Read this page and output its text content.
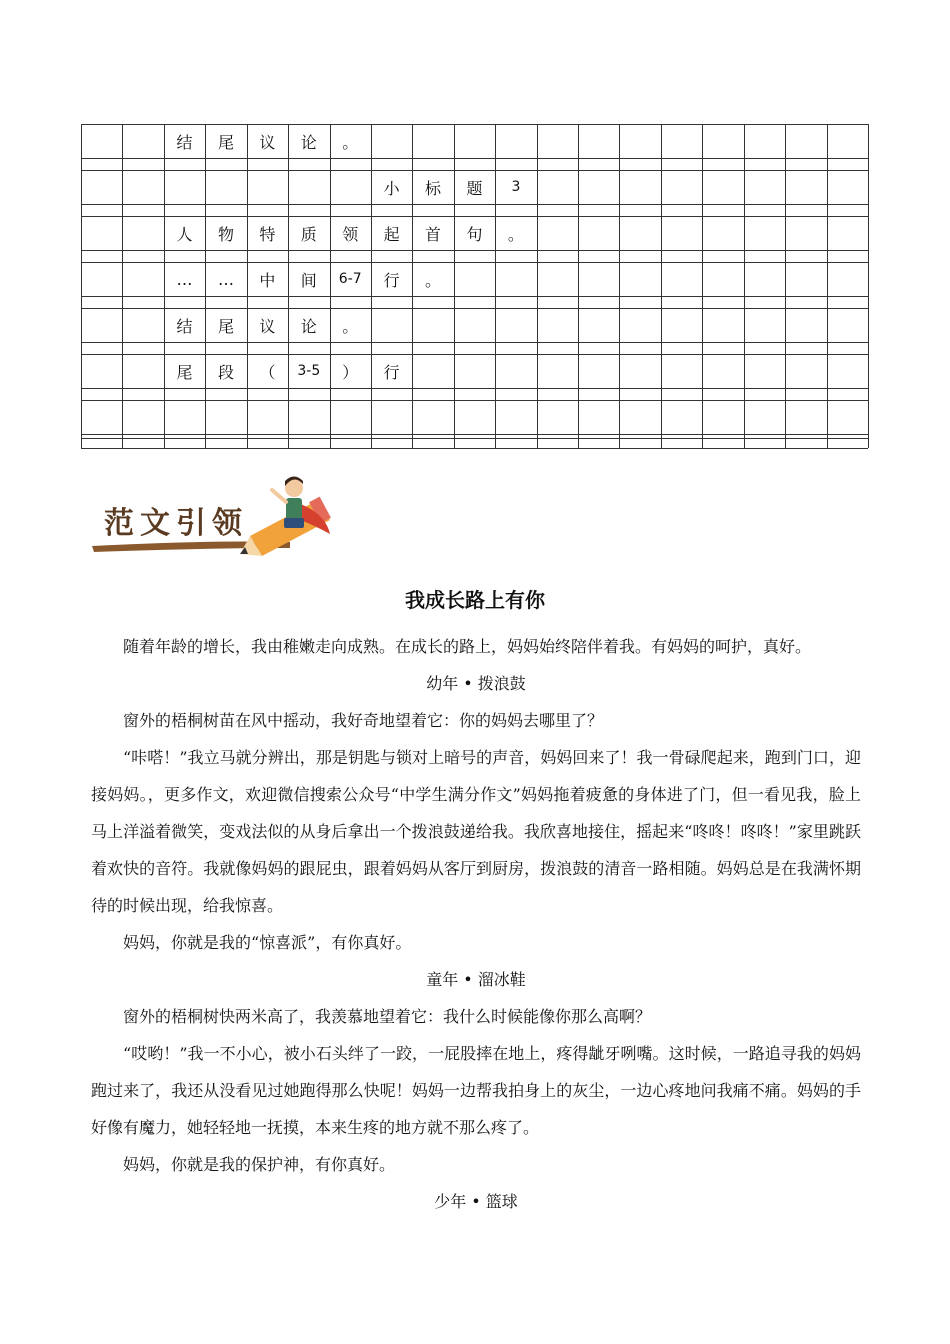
结	尾	议	论	。
小	标	题	3
人	物	特	质	领	起	首	句	。
…	…	中	间	6-7	行	。
结	尾	议	论	。
尾	段	（	3-5	）	行
范文引领
我成长路上有你

随着年龄的增长，我由稚嫩走向成熟。在成长的路上，妈妈始终陪伴着我。有妈妈的呵护，真好。

幼年 • 拨浪鼓

窗外的梧桐树苗在风中摇动，我好奇地望着它：你的妈妈去哪里了？

“咔嗒！”我立马就分辨出，那是钥匙与锁对上暗号的声音，妈妈回来了！我一骨碌爬起来，跑到门口，迎接妈妈。，更多作文，欢迎微信搜索公众号“中学生满分作文”妈妈拖着疲惫的身体进了门，但一看见我，脸上马上洋溢着微笑，变戏法似的从身后拿出一个拨浪鼓递给我。我欣喜地接住，摇起来“咚咚！咚咚！”家里跳跃着欢快的音符。我就像妈妈的跟屁虫，跟着妈妈从客厅到厨房，拨浪鼓的清音一路相随。妈妈总是在我满怀期待的时候出现，给我惊喜。

妈妈，你就是我的“惊喜派”，有你真好。

童年 • 溜冰鞋

窗外的梧桐树快两米高了，我羡慕地望着它：我什么时候能像你那么高啊？

“哎哟！”我一不小心，被小石头绊了一跤，一屁股摔在地上，疼得龇牙咧嘴。这时候，一路追寻我的妈妈跑过来了，我还从没看见过她跑得那么快呢！妈妈一边帮我拍身上的灰尘，一边心疼地问我痛不痛。妈妈的手好像有魔力，她轻轻地一抚摸，本来生疼的地方就不那么疼了。

妈妈，你就是我的保护神，有你真好。

少年 • 篮球
